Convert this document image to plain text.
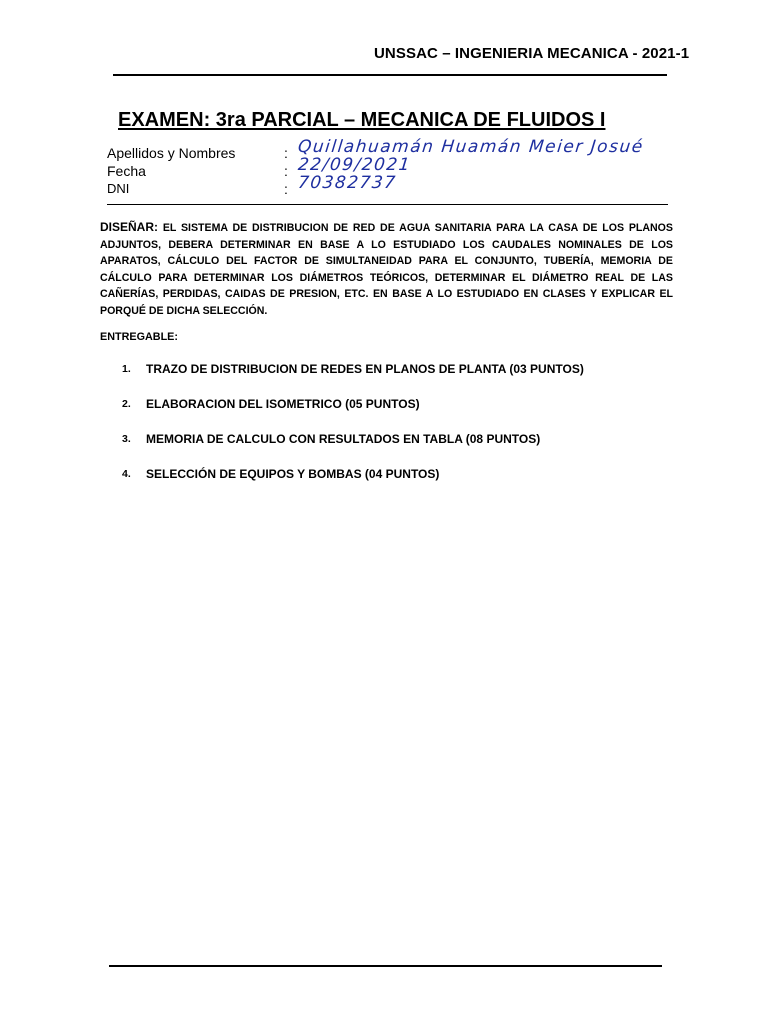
UNSSAC – INGENIERIA MECANICA - 2021-1
EXAMEN: 3ra PARCIAL – MECANICA DE FLUIDOS I
Apellidos y Nombres	: Quillahuamán Huamán Meier Josué
Fecha	: 22/09/2021
DNI	: 70382737
DISEÑAR: EL SISTEMA DE DISTRIBUCION DE RED DE AGUA SANITARIA PARA LA CASA DE LOS PLANOS ADJUNTOS, DEBERA DETERMINAR EN BASE A LO ESTUDIADO LOS CAUDALES NOMINALES DE LOS APARATOS, CÁLCULO DEL FACTOR DE SIMULTANEIDAD PARA EL CONJUNTO, TUBERÍA, MEMORIA DE CÁLCULO PARA DETERMINAR LOS DIÁMETROS TEÓRICOS, DETERMINAR EL DIÁMETRO REAL DE LAS CAÑERÍAS, PERDIDAS, CAIDAS DE PRESION, ETC. EN BASE A LO ESTUDIADO EN CLASES Y EXPLICAR EL PORQUÉ DE DICHA SELECCIÓN.
ENTREGABLE:
1. TRAZO DE DISTRIBUCION DE REDES EN PLANOS DE PLANTA (03 PUNTOS)
2. ELABORACION DEL ISOMETRICO (05 PUNTOS)
3. MEMORIA DE CALCULO CON RESULTADOS EN TABLA (08 PUNTOS)
4. SELECCIÓN DE EQUIPOS Y BOMBAS (04 PUNTOS)
